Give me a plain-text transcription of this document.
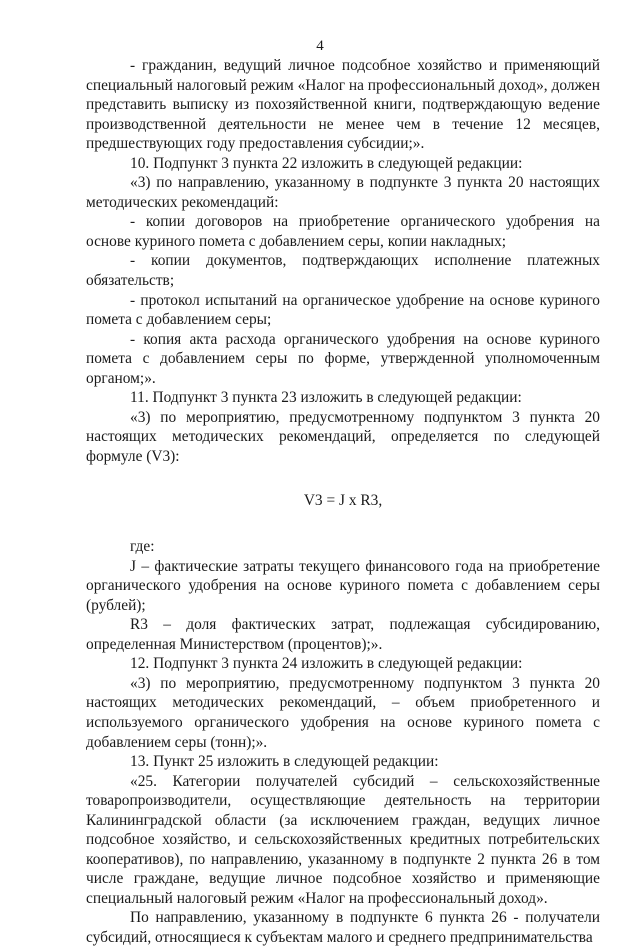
4

- гражданин, ведущий личное подсобное хозяйство и применяющий специальный налоговый режим «Налог на профессиональный доход», должен представить выписку из похозяйственной книги, подтверждающую ведение производственной деятельности не менее чем в течение 12 месяцев, предшествующих году предоставления субсидии;».

10. Подпункт 3 пункта 22 изложить в следующей редакции:

«3) по направлению, указанному в подпункте 3 пункта 20 настоящих методических рекомендаций:

- копии договоров на приобретение органического удобрения на основе куриного помета с добавлением серы, копии накладных;

- копии документов, подтверждающих исполнение платежных обязательств;

- протокол испытаний на органическое удобрение на основе куриного помета с добавлением серы;

- копия акта расхода органического удобрения на основе куриного помета с добавлением серы по форме, утвержденной уполномоченным органом;».

11. Подпункт 3 пункта 23 изложить в следующей редакции:

«3) по мероприятию, предусмотренному подпунктом 3 пункта 20 настоящих методических рекомендаций, определяется по следующей формуле (V3):

V3 = J x R3,

где:

J – фактические затраты текущего финансового года на приобретение органического удобрения на основе куриного помета с добавлением серы (рублей);

R3 – доля фактических затрат, подлежащая субсидированию, определенная Министерством (процентов);».

12. Подпункт 3 пункта 24 изложить в следующей редакции:

«3) по мероприятию, предусмотренному подпунктом 3 пункта 20 настоящих методических рекомендаций, – объем приобретенного и используемого органического удобрения на основе куриного помета с добавлением серы (тонн);».

13. Пункт 25 изложить в следующей редакции:

«25. Категории получателей субсидий – сельскохозяйственные товаропроизводители, осуществляющие деятельность на территории Калининградской области (за исключением граждан, ведущих личное подсобное хозяйство, и сельскохозяйственных кредитных потребительских кооперативов), по направлению, указанному в подпункте 2 пункта 26 в том числе граждане, ведущие личное подсобное хозяйство и применяющие специальный налоговый режим «Налог на профессиональный доход».

По направлению, указанному в подпункте 6 пункта 26 - получатели субсидий, относящиеся к субъектам малого и среднего предпринимательства
